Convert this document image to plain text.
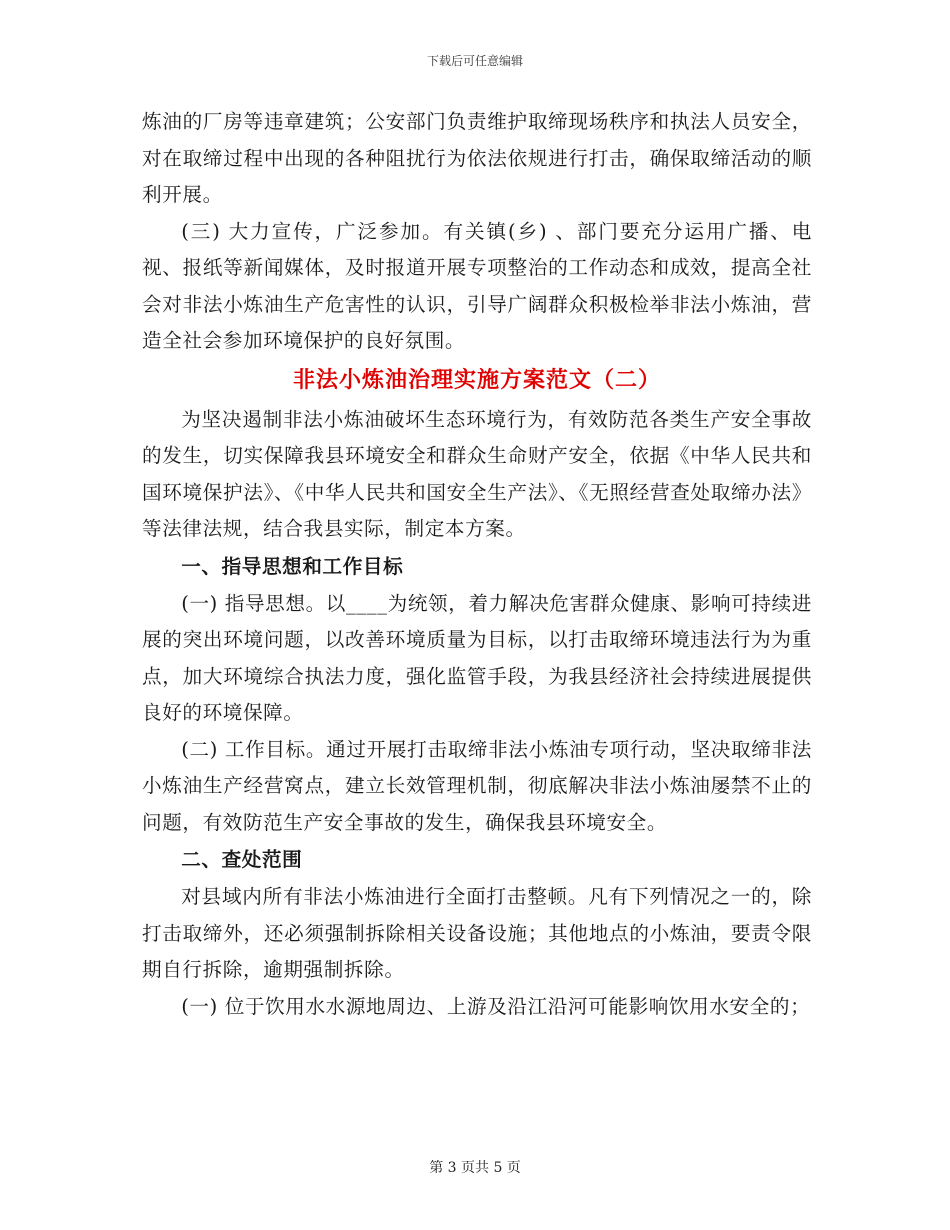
下载后可任意编辑

炼油的厂房等违章建筑；公安部门负责维护取缔现场秩序和执法人员安全，对在取缔过程中出现的各种阻扰行为依法依规进行打击，确保取缔活动的顺利开展。

(三) 大力宣传，广泛参加。有关镇(乡) 、部门要充分运用广播、电视、报纸等新闻媒体，及时报道开展专项整治的工作动态和成效，提高全社会对非法小炼油生产危害性的认识，引导广阔群众积极检举非法小炼油，营造全社会参加环境保护的良好氛围。

非法小炼油治理实施方案范文（二）

为坚决遏制非法小炼油破坏生态环境行为，有效防范各类生产安全事故的发生，切实保障我县环境安全和群众生命财产安全，依据《中华人民共和国环境保护法》、《中华人民共和国安全生产法》、《无照经营查处取缔办法》等法律法规，结合我县实际，制定本方案。

一、指导思想和工作目标

(一) 指导思想。以____为统领，着力解决危害群众健康、影响可持续进展的突出环境问题，以改善环境质量为目标，以打击取缔环境违法行为为重点，加大环境综合执法力度，强化监管手段，为我县经济社会持续进展提供良好的环境保障。

(二) 工作目标。通过开展打击取缔非法小炼油专项行动，坚决取缔非法小炼油生产经营窝点，建立长效管理机制，彻底解决非法小炼油屡禁不止的问题，有效防范生产安全事故的发生，确保我县环境安全。

二、查处范围

对县域内所有非法小炼油进行全面打击整顿。凡有下列情况之一的，除打击取缔外，还必须强制拆除相关设备设施；其他地点的小炼油，要责令限期自行拆除，逾期强制拆除。

(一) 位于饮用水水源地周边、上游及沿江沿河可能影响饮用水安全的；

第 3 页共 5 页
